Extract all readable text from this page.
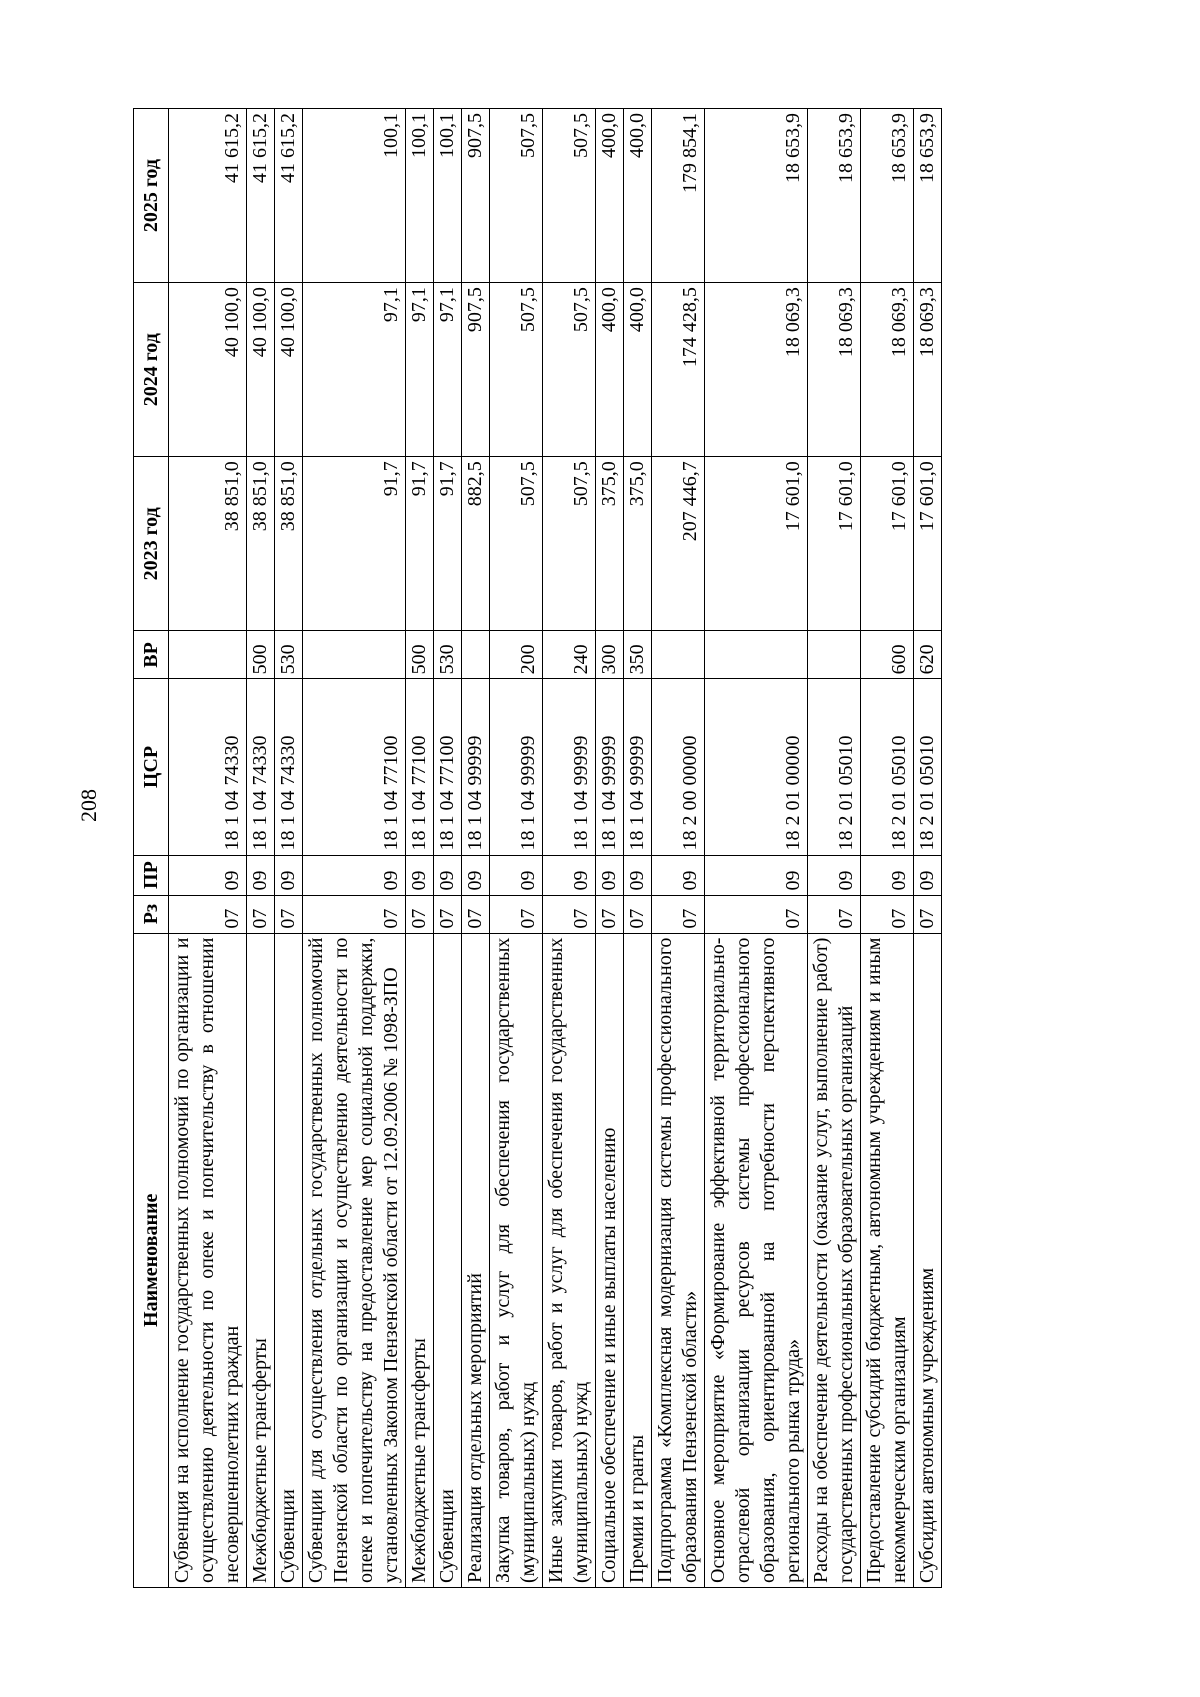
208
Наименование	Рз	ПР	ЦСР	ВР	2023 год	2024 год	2025 год
Субвенция на исполнение государственных полномочий по организации и осуществлению деятельности по опеке и попечительству в отношении несовершеннолетних граждан	07	09	18 1 04 74330		38 851,0	40 100,0	41 615,2
Межбюджетные трансферты	07	09	18 1 04 74330	500	38 851,0	40 100,0	41 615,2
Субвенции	07	09	18 1 04 74330	530	38 851,0	40 100,0	41 615,2
Субвенции для осуществления отдельных государственных полномочий Пензенской области по организации и осуществлению деятельности по опеке и попечительству на предоставление мер социальной поддержки, установленных Законом Пензенской области от 12.09.2006 № 1098-ЗПО	07	09	18 1 04 77100		91,7	97,1	100,1
Межбюджетные трансферты	07	09	18 1 04 77100	500	91,7	97,1	100,1
Субвенции	07	09	18 1 04 77100	530	91,7	97,1	100,1
Реализация отдельных мероприятий	07	09	18 1 04 99999		882,5	907,5	907,5
Закупка товаров, работ и услуг для обеспечения государственных (муниципальных) нужд	07	09	18 1 04 99999	200	507,5	507,5	507,5
Иные закупки товаров, работ и услуг для обеспечения государственных (муниципальных) нужд	07	09	18 1 04 99999	240	507,5	507,5	507,5
Социальное обеспечение и иные выплаты населению	07	09	18 1 04 99999	300	375,0	400,0	400,0
Премии и гранты	07	09	18 1 04 99999	350	375,0	400,0	400,0
Подпрограмма «Комплексная модернизация системы профессионального образования Пензенской области»	07	09	18 2 00 00000		207 446,7	174 428,5	179 854,1
Основное мероприятие «Формирование эффективной территориально-отраслевой организации ресурсов системы профессионального образования, ориентированной на потребности перспективного регионального рынка труда»	07	09	18 2 01 00000		17 601,0	18 069,3	18 653,9
Расходы на обеспечение деятельности (оказание услуг, выполнение работ) государственных профессиональных образовательных организаций	07	09	18 2 01 05010		17 601,0	18 069,3	18 653,9
Предоставление субсидий бюджетным, автономным учреждениям и иным некоммерческим организациям	07	09	18 2 01 05010	600	17 601,0	18 069,3	18 653,9
Субсидии автономным учреждениям	07	09	18 2 01 05010	620	17 601,0	18 069,3	18 653,9
